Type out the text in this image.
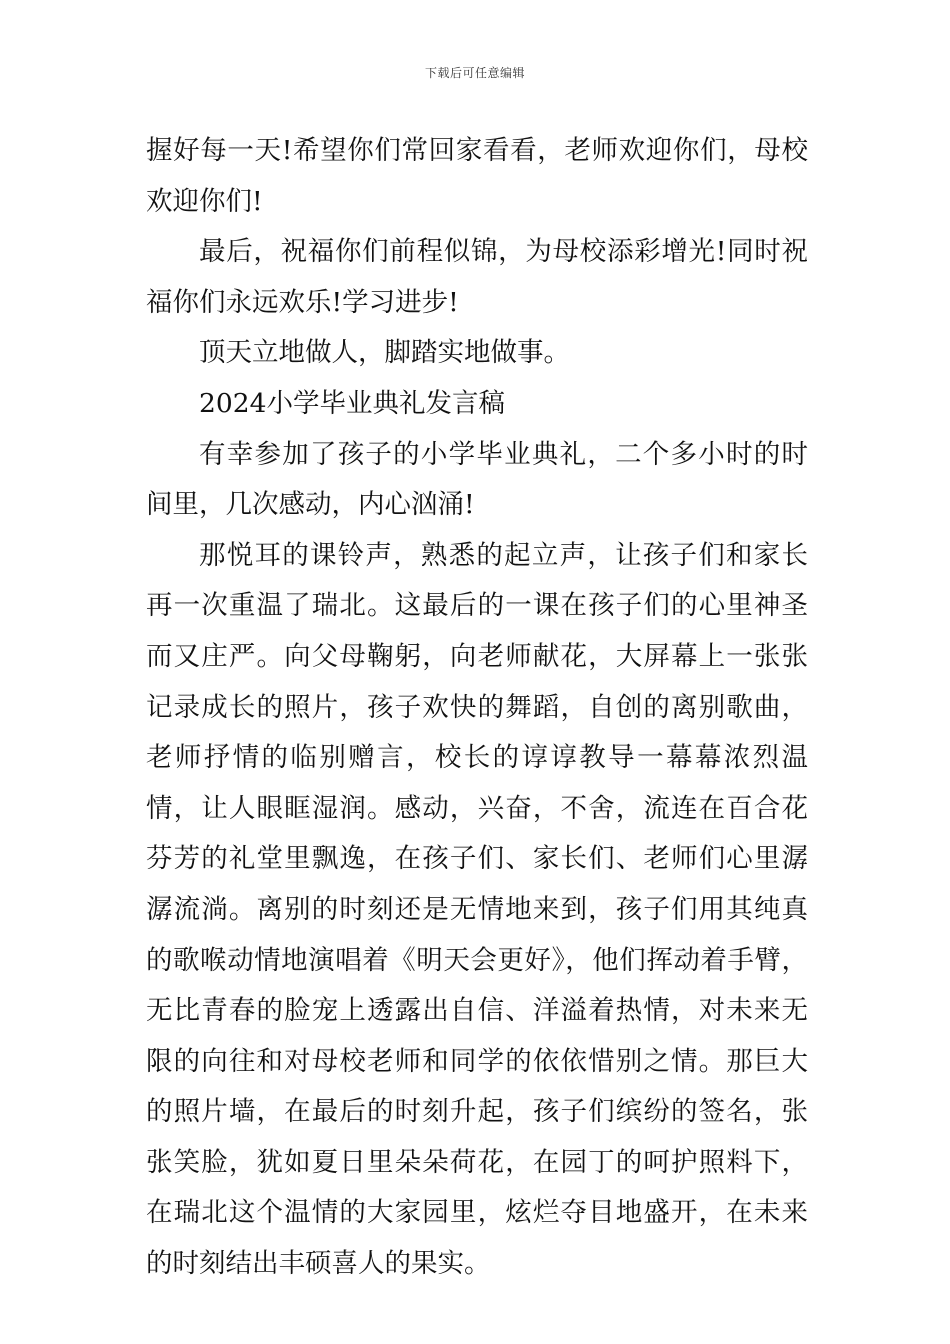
下载后可任意编辑

握好每一天!希望你们常回家看看，老师欢迎你们，母校欢迎你们!

最后，祝福你们前程似锦，为母校添彩增光!同时祝福你们永远欢乐!学习进步!

顶天立地做人，脚踏实地做事。

2024小学毕业典礼发言稿

有幸参加了孩子的小学毕业典礼，二个多小时的时间里，几次感动，内心汹涌!

那悦耳的课铃声，熟悉的起立声，让孩子们和家长再一次重温了瑞北。这最后的一课在孩子们的心里神圣而又庄严。向父母鞠躬，向老师献花，大屏幕上一张张记录成长的照片，孩子欢快的舞蹈，自创的离别歌曲，老师抒情的临别赠言，校长的谆谆教导一幕幕浓烈温情，让人眼眶湿润。感动，兴奋，不舍，流连在百合花芬芳的礼堂里飘逸，在孩子们、家长们、老师们心里潺潺流淌。离别的时刻还是无情地来到，孩子们用其纯真的歌喉动情地演唱着《明天会更好》，他们挥动着手臂，无比青春的脸宠上透露出自信、洋溢着热情，对未来无限的向往和对母校老师和同学的依依惜别之情。那巨大的照片墙，在最后的时刻升起，孩子们缤纷的签名，张张笑脸，犹如夏日里朵朵荷花，在园丁的呵护照料下，在瑞北这个温情的大家园里，炫烂夺目地盛开，在未来的时刻结出丰硕喜人的果实。
